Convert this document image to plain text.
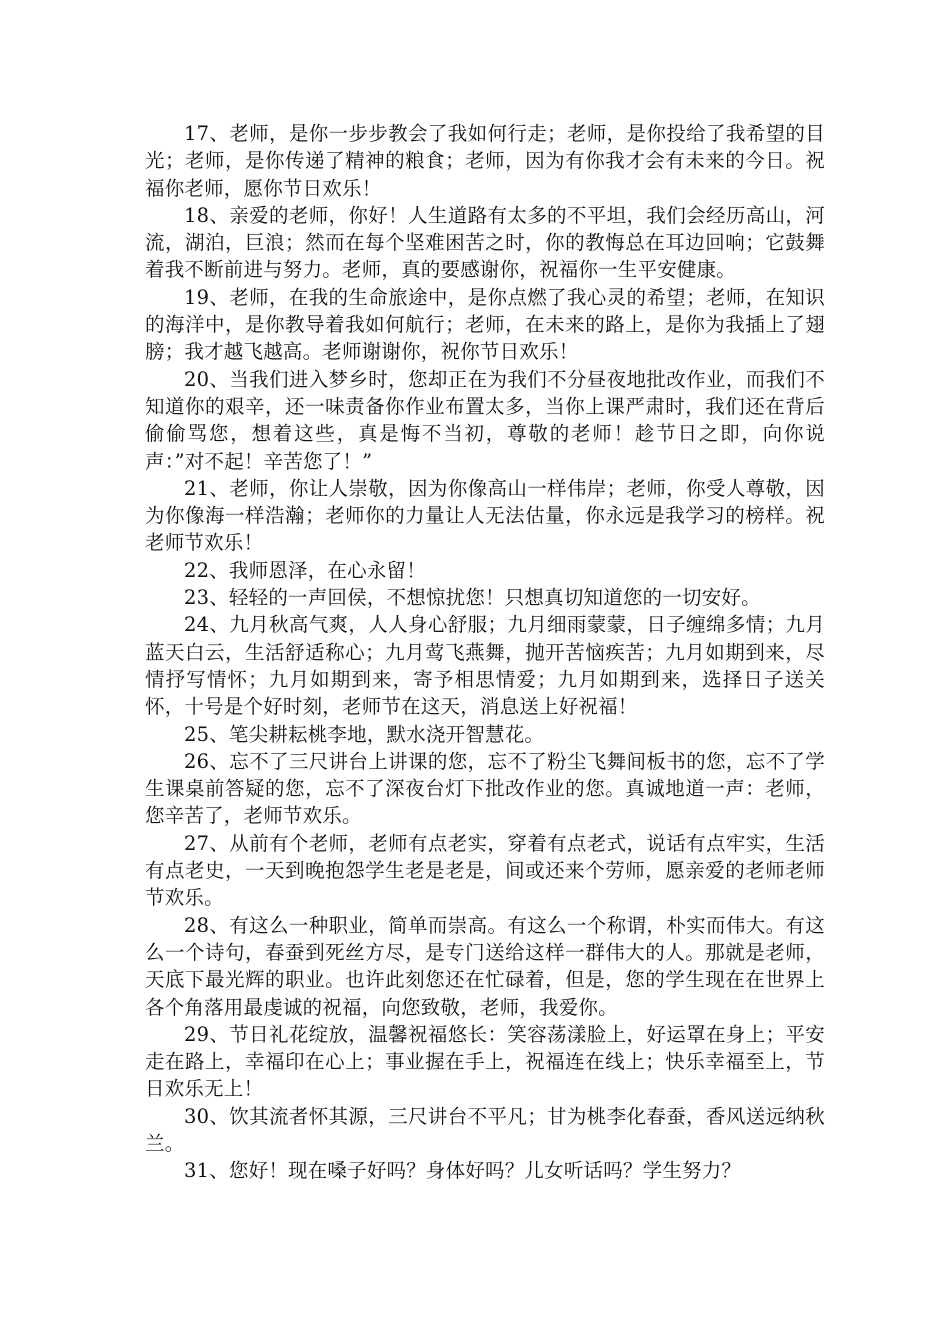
17、老师，是你一步步教会了我如何行走；老师，是你投给了我希望的目光；老师，是你传递了精神的粮食；老师，因为有你我才会有未来的今日。祝福你老师，愿你节日欢乐！

18、亲爱的老师，你好！人生道路有太多的不平坦，我们会经历高山，河流，湖泊，巨浪；然而在每个坚难困苦之时，你的教悔总在耳边回响；它鼓舞着我不断前进与努力。老师，真的要感谢你，祝福你一生平安健康。

19、老师，在我的生命旅途中，是你点燃了我心灵的希望；老师，在知识的海洋中，是你教导着我如何航行；老师，在未来的路上，是你为我插上了翅膀；我才越飞越高。老师谢谢你，祝你节日欢乐！

20、当我们进入梦乡时，您却正在为我们不分昼夜地批改作业，而我们不知道你的艰辛，还一味责备你作业布置太多，当你上课严肃时，我们还在背后偷偷骂您，想着这些，真是悔不当初，尊敬的老师！趁节日之即，向你说声：”对不起！辛苦您了！”

21、老师，你让人崇敬，因为你像高山一样伟岸；老师，你受人尊敬，因为你像海一样浩瀚；老师你的力量让人无法估量，你永远是我学习的榜样。祝老师节欢乐！

22、我师恩泽，在心永留！

23、轻轻的一声回侯，不想惊扰您！只想真切知道您的一切安好。

24、九月秋高气爽，人人身心舒服；九月细雨蒙蒙，日子缠绵多情；九月蓝天白云，生活舒适称心；九月莺飞燕舞，抛开苦恼疾苦；九月如期到来，尽情抒写情怀；九月如期到来，寄予相思情爱；九月如期到来，选择日子送关怀，十号是个好时刻，老师节在这天，消息送上好祝福！

25、笔尖耕耘桃李地，默水浇开智慧花。

26、忘不了三尺讲台上讲课的您，忘不了粉尘飞舞间板书的您，忘不了学生课桌前答疑的您，忘不了深夜台灯下批改作业的您。真诚地道一声：老师，您辛苦了，老师节欢乐。

27、从前有个老师，老师有点老实，穿着有点老式，说话有点牢实，生活有点老史，一天到晚抱怨学生老是老是，间或还来个劳师，愿亲爱的老师老师节欢乐。

28、有这么一种职业，简单而崇高。有这么一个称谓，朴实而伟大。有这么一个诗句，春蚕到死丝方尽，是专门送给这样一群伟大的人。那就是老师，天底下最光辉的职业。也许此刻您还在忙碌着，但是，您的学生现在在世界上各个角落用最虔诚的祝福，向您致敬，老师，我爱你。

29、节日礼花绽放，温馨祝福悠长：笑容荡漾脸上，好运罩在身上；平安走在路上，幸福印在心上；事业握在手上，祝福连在线上；快乐幸福至上，节日欢乐无上！

30、饮其流者怀其源，三尺讲台不平凡；甘为桃李化春蚕，香风送远纳秋兰。

31、您好！现在嗓子好吗？身体好吗？儿女听话吗？学生努力？
